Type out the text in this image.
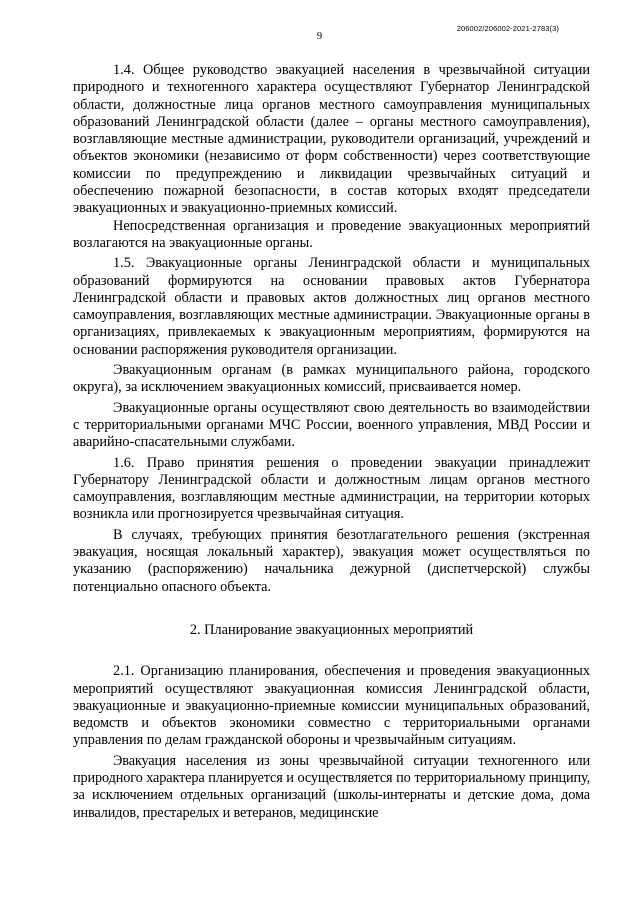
206002/206002-2021-2783(3)
9

1.4. Общее руководство эвакуацией населения в чрезвычайной ситуации природного и техногенного характера осуществляют Губернатор Ленинградской области, должностные лица органов местного самоуправления муниципальных образований Ленинградской области (далее – органы местного самоуправления), возглавляющие местные администрации, руководители организаций, учреждений и объектов экономики (независимо от форм собственности) через соответствующие комиссии по предупреждению и ликвидации чрезвычайных ситуаций и обеспечению пожарной безопасности, в состав которых входят председатели эвакуационных и эвакуационно-приемных комиссий.

Непосредственная организация и проведение эвакуационных мероприятий возлагаются на эвакуационные органы.

1.5. Эвакуационные органы Ленинградской области и муниципальных образований формируются на основании правовых актов Губернатора Ленинградской области и правовых актов должностных лиц органов местного самоуправления, возглавляющих местные администрации. Эвакуационные органы в организациях, привлекаемых к эвакуационным мероприятиям, формируются на основании распоряжения руководителя организации.

Эвакуационным органам (в рамках муниципального района, городского округа), за исключением эвакуационных комиссий, присваивается номер.

Эвакуационные органы осуществляют свою деятельность во взаимодействии с территориальными органами МЧС России, военного управления, МВД России и аварийно-спасательными службами.

1.6. Право принятия решения о проведении эвакуации принадлежит Губернатору Ленинградской области и должностным лицам органов местного самоуправления, возглавляющим местные администрации, на территории которых возникла или прогнозируется чрезвычайная ситуация.

В случаях, требующих принятия безотлагательного решения (экстренная эвакуация, носящая локальный характер), эвакуация может осуществляться по указанию (распоряжению) начальника дежурной (диспетчерской) службы потенциально опасного объекта.

2. Планирование эвакуационных мероприятий

2.1. Организацию планирования, обеспечения и проведения эвакуационных мероприятий осуществляют эвакуационная комиссия Ленинградской области, эвакуационные и эвакуационно-приемные комиссии муниципальных образований, ведомств и объектов экономики совместно с территориальными органами управления по делам гражданской обороны и чрезвычайным ситуациям.

Эвакуация населения из зоны чрезвычайной ситуации техногенного или природного характера планируется и осуществляется по территориальному принципу, за исключением отдельных организаций (школы-интернаты и детские дома, дома инвалидов, престарелых и ветеранов, медицинские
